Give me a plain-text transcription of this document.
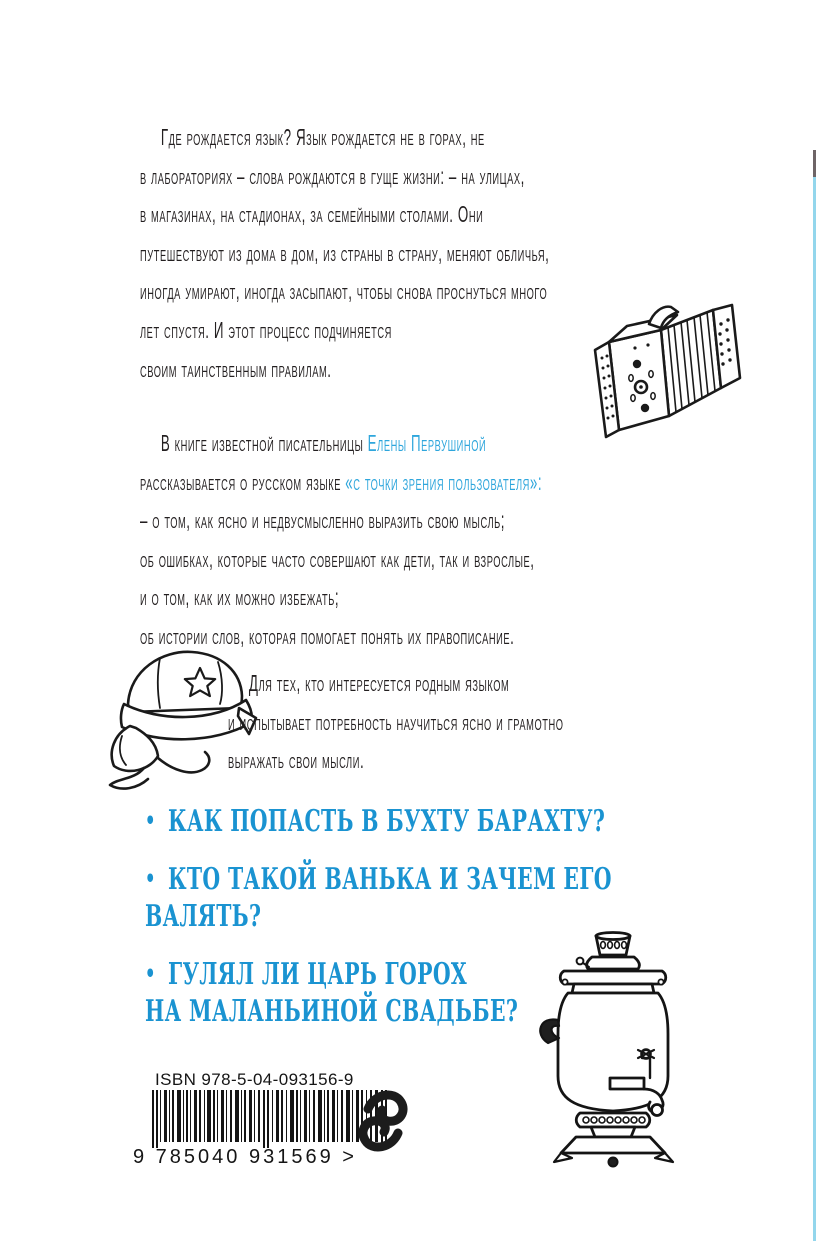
Где рождается язык? Язык рождается не в горах, не
в лабораториях – слова рождаются в гуще жизни: – на улицах,
в магазинах, на стадионах, за семейными столами. Они
путешествуют из дома в дом, из страны в страну, меняют обличья,
иногда умирают, иногда засыпают, чтобы снова проснуться много
лет спустя. И этот процесс подчиняется
своим таинственным правилам.
В книге известной писательницы Елены Первушиной
рассказывается о русском языке «с точки зрения пользователя»:
– о том, как ясно и недвусмысленно выразить свою мысль;
об ошибках, которые часто совершают как дети, так и взрослые,
и о том, как их можно избежать;
об истории слов, которая помогает понять их правописание.
Для тех, кто интересуется родным языком
и испытывает потребность научиться ясно и грамотно
выражать свои мысли.
• КАК ПОПАСТЬ В БУХТУ БАРАХТУ?
• КТО ТАКОЙ ВАНЬКА И ЗАЧЕМ ЕГО
ВАЛЯТЬ?
• ГУЛЯЛ ЛИ ЦАРЬ ГОРОХ
НА МАЛАНЬИНОЙ СВАДЬБЕ?
ISBN 978-5-04-093156-9
9 785040 931569 >
